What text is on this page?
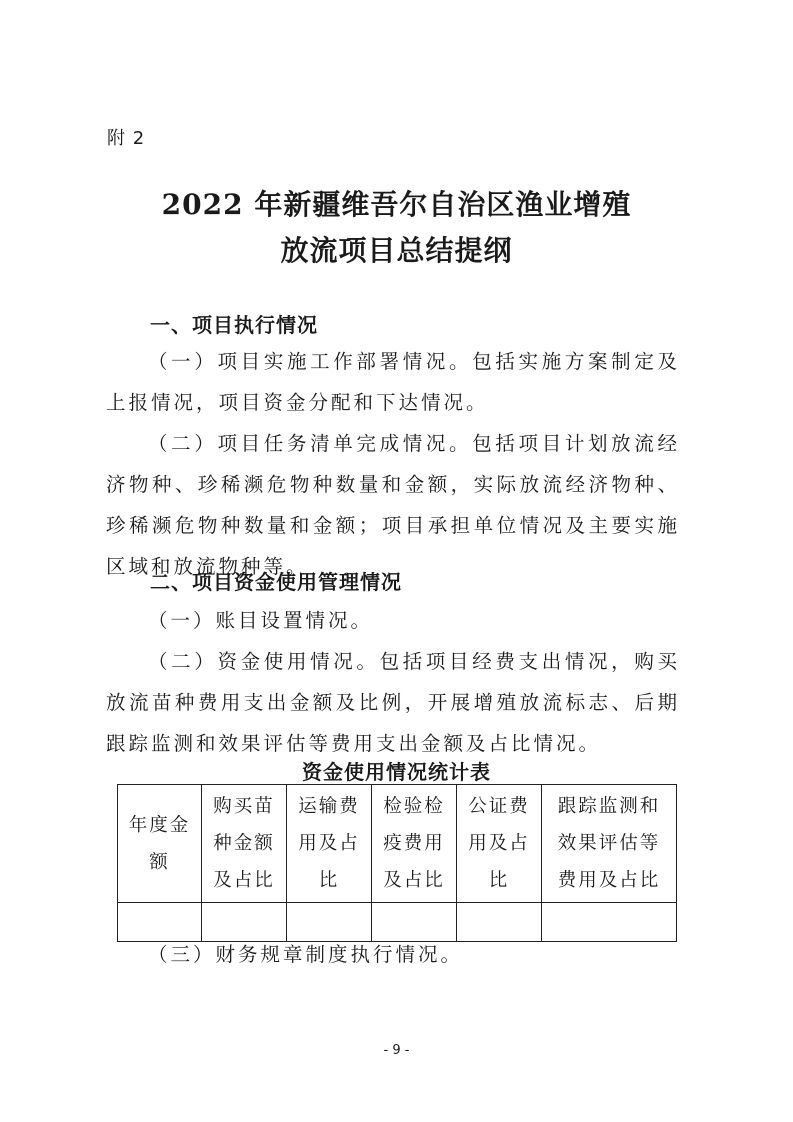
附 2
2022 年新疆维吾尔自治区渔业增殖
放流项目总结提纲
一、项目执行情况
（一）项目实施工作部署情况。包括实施方案制定及上报情况，项目资金分配和下达情况。
（二）项目任务清单完成情况。包括项目计划放流经济物种、珍稀濒危物种数量和金额，实际放流经济物种、珍稀濒危物种数量和金额；项目承担单位情况及主要实施区域和放流物种等。
二、项目资金使用管理情况
（一）账目设置情况。
（二）资金使用情况。包括项目经费支出情况，购买放流苗种费用支出金额及比例，开展增殖放流标志、后期跟踪监测和效果评估等费用支出金额及占比情况。
资金使用情况统计表
年度金额	购买苗种金额及占比	运输费用及占比	检验检疫费用及占比	公证费用及占比	跟踪监测和效果评估等费用及占比

（三）财务规章制度执行情况。
- 9 -
